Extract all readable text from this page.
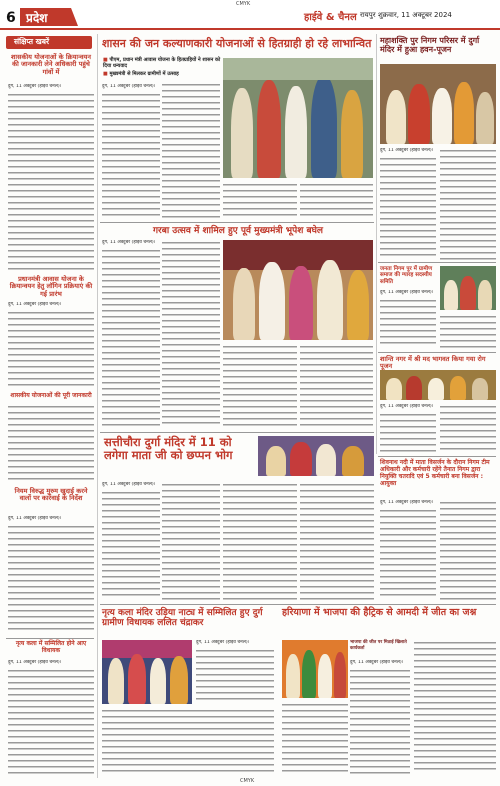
CMYK
6 प्रदेश	हाईवे & चैनल रायपुर शुक्रवार, 11 अक्टूबर 2024
संक्षिप्त खबरें
शासकीय योजनाओं के क्रियान्वयन की जानकारी लेने अधिकारी पहुंचे गांवों में
दुर्ग, 11 अक्टूबर (हाईवे चैनल)।
प्रधानमंत्री आवास योजना के क्रियान्वयन हेतु लॉगिन प्रक्रियाएं की गई प्रारंभ
दुर्ग, 11 अक्टूबर (हाईवे चैनल)।
शासकीय योजनाओं की पूरी जानकारी
नियम विरुद्ध मुरुम खुदाई करने वालों पर कार्रवाई के निर्देश
दुर्ग, 11 अक्टूबर (हाईवे चैनल)।
नृत्य कला में सम्मिलित होने आए विधायक
दुर्ग, 11 अक्टूबर (हाईवे चैनल)।
शासन की जन कल्याणकारी योजनाओं से हितग्राही हो रहे लाभान्वित
■ पीएम, प्रधान मंत्री आवास योजना के हितग्राहियों ने शासन को दिया धन्यवाद
■ मुख्यमंत्री से मिलकर ग्रामीणों में उत्साह
दुर्ग, 11 अक्टूबर (हाईवे चैनल)।
गरबा उत्सव में शामिल हुए पूर्व मुख्यमंत्री भूपेश बघेल
दुर्ग, 11 अक्टूबर (हाईवे चैनल)।
सत्तीचौरा दुर्गा मंदिर में 11 को लगेगा माता जी को छप्पन भोग
दुर्ग, 11 अक्टूबर (हाईवे चैनल)।
महाशक्ति पुर निगम परिसर में दुर्गा मंदिर में हुआ हवन-पूजन
दुर्ग, 11 अक्टूबर (हाईवे चैनल)।
जनता निगम पुर में ग्रामीण समाज की ग्यारह सदस्यीय समिति
दुर्ग, 11 अक्टूबर (हाईवे चैनल)।
शान्ति नगर में श्री मद भागवत किया गया रोग पूजन
दुर्ग, 11 अक्टूबर (हाईवे चैनल)।
शिवनाथ नदी में माता विसर्जन के दौरान निगम टीम अधिकारी और कर्मचारी रहेंगे तैनात निगम द्वारा नियुक्ति चतरादि एवं 5 कर्मचारी बना विसर्जन : आयुक्त
दुर्ग, 11 अक्टूबर (हाईवे चैनल)।
नृत्य कला मंदिर उड़िया नाट्य में सम्मिलित हुए दुर्ग ग्रामीण विधायक ललित चंद्राकर
दुर्ग, 11 अक्टूबर (हाईवे चैनल)।
हरियाणा में भाजपा की हैट्रिक से आमदी में जीत का जश्न
भाजपा की जीत पर मिठाई खिलाते कार्यकर्ता
दुर्ग, 11 अक्टूबर (हाईवे चैनल)।
CMYK
